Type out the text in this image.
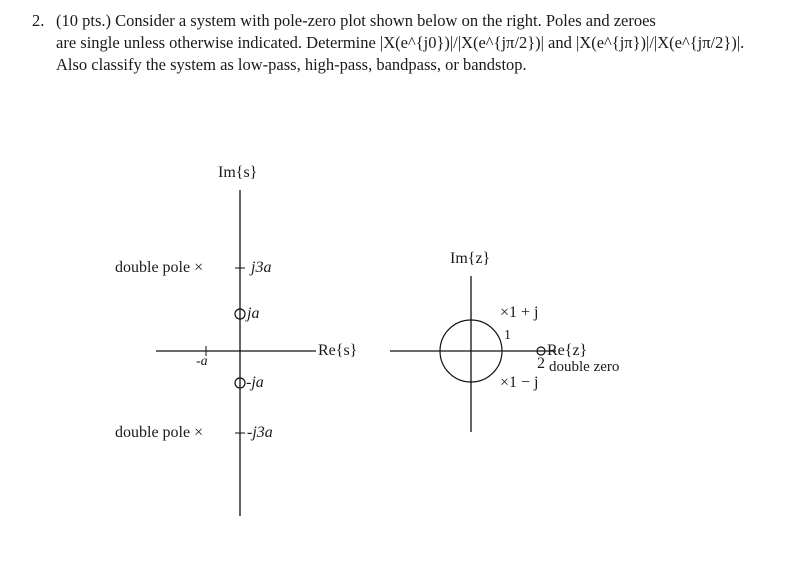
2. (10 pts.) Consider a system with pole-zero plot shown below on the right. Poles and zeroes
are single unless otherwise indicated. Determine |X(e^{j0})|/|X(e^{jπ/2})| and |X(e^{jπ})|/|X(e^{jπ/2})|.
Also classify the system as low-pass, high-pass, bandpass, or bandstop.
Im{s}
Re{s}
double pole ×
double pole ×
j3a
ja
-ja
-j3a
-a
Im{z}
Re{z}
×1 + j
×1 − j
1
2 double zero
